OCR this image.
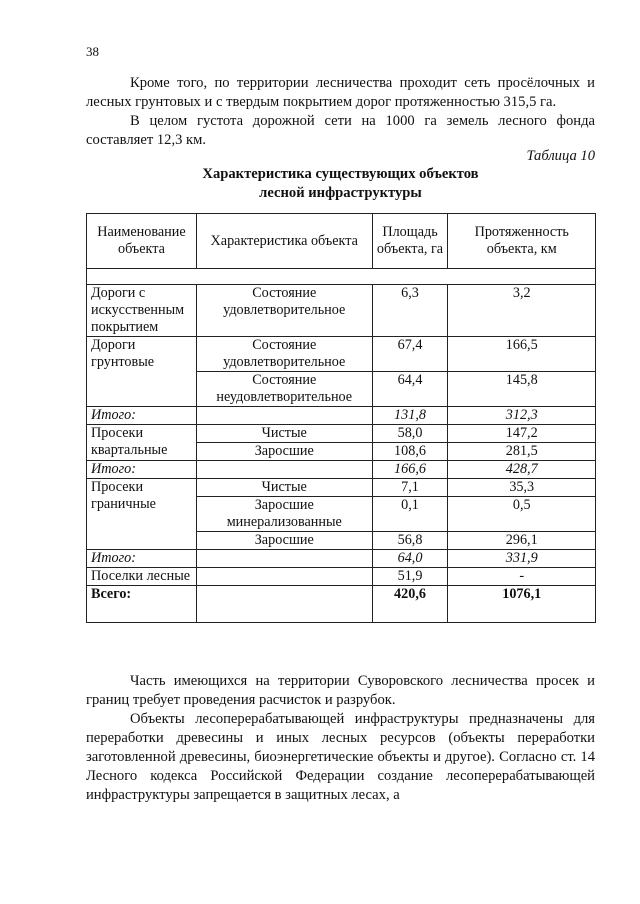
38

Кроме того, по территории лесничества проходит сеть просёлочных и лесных грунтовых и с твердым покрытием дорог протяженностью 315,5 га.

В целом густота дорожной сети на 1000 га земель лесного фонда составляет 12,3 км.

Таблица 10
Характеристика существующих объектов
лесной инфраструктуры
Наименование объекта	Характеристика объекта	Площадь объекта, га	Протяженность объекта, км

Дороги с искусственным покрытием	Состояние удовлетворительное	6,3	3,2
Дороги грунтовые	Состояние удовлетворительное	67,4	166,5
	Состояние неудовлетворительное	64,4	145,8
Итого:		131,8	312,3
Просеки квартальные	Чистые	58,0	147,2
	Заросшие	108,6	281,5
Итого:		166,6	428,7
Просеки граничные	Чистые	7,1	35,3
	Заросшие минерализованные	0,1	0,5
	Заросшие	56,8	296,1
Итого:		64,0	331,9
Поселки лесные		51,9	-
Всего:		420,6	1076,1

Часть имеющихся на территории Суворовского лесничества просек и границ требует проведения расчисток и разрубок.

Объекты лесоперерабатывающей инфраструктуры предназначены для переработки древесины и иных лесных ресурсов (объекты переработки заготовленной древесины, биоэнергетические объекты и другое). Согласно ст. 14 Лесного кодекса Российской Федерации создание лесоперерабатывающей инфраструктуры запрещается в защитных лесах, а
